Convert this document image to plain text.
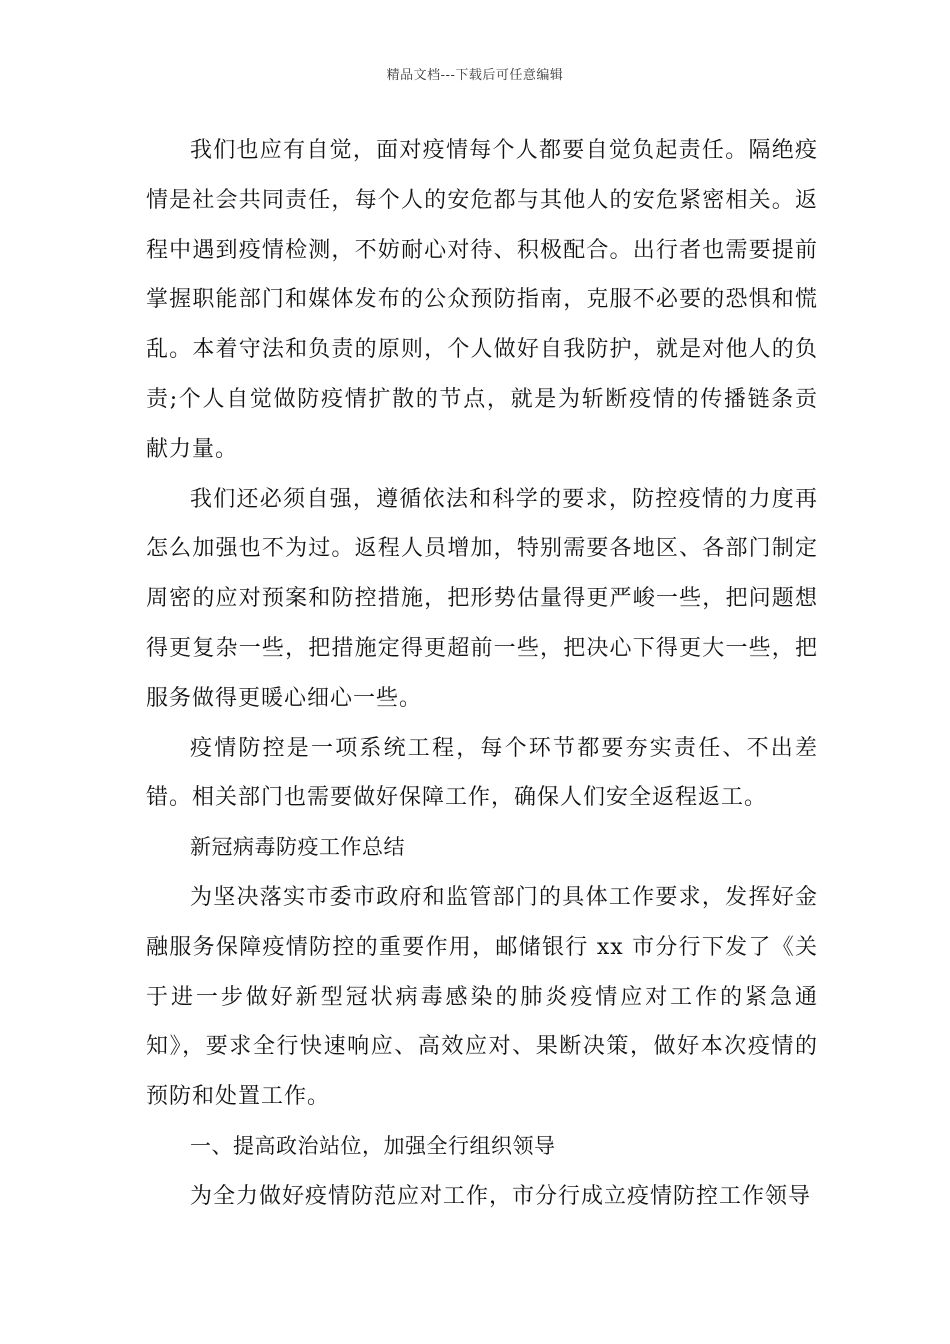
精品文档---下载后可任意编辑

我们也应有自觉，面对疫情每个人都要自觉负起责任。隔绝疫情是社会共同责任，每个人的安危都与其他人的安危紧密相关。返程中遇到疫情检测，不妨耐心对待、积极配合。出行者也需要提前掌握职能部门和媒体发布的公众预防指南，克服不必要的恐惧和慌乱。本着守法和负责的原则，个人做好自我防护，就是对他人的负责;个人自觉做防疫情扩散的节点，就是为斩断疫情的传播链条贡献力量。

我们还必须自强，遵循依法和科学的要求，防控疫情的力度再怎么加强也不为过。返程人员增加，特别需要各地区、各部门制定周密的应对预案和防控措施，把形势估量得更严峻一些，把问题想得更复杂一些，把措施定得更超前一些，把决心下得更大一些，把服务做得更暖心细心一些。

疫情防控是一项系统工程，每个环节都要夯实责任、不出差错。相关部门也需要做好保障工作，确保人们安全返程返工。

新冠病毒防疫工作总结

为坚决落实市委市政府和监管部门的具体工作要求，发挥好金融服务保障疫情防控的重要作用，邮储银行 xx 市分行下发了《关于进一步做好新型冠状病毒感染的肺炎疫情应对工作的紧急通知》，要求全行快速响应、高效应对、果断决策，做好本次疫情的预防和处置工作。

一、提高政治站位，加强全行组织领导

为全力做好疫情防范应对工作，市分行成立疫情防控工作领导
